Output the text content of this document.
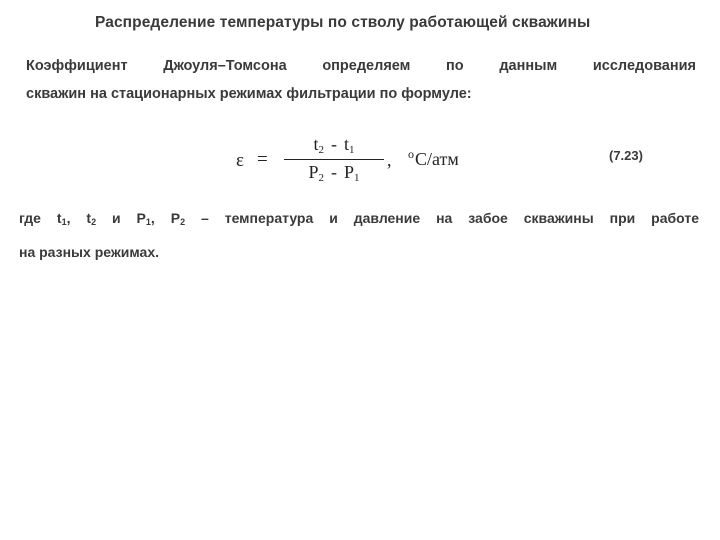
Распределение температуры по стволу работающей скважины
Коэффициент Джоуля–Томсона определяем по данным исследования
скважин на стационарных режимах фильтрации по формуле:
ε =
$t_2 - t_1$
$P_2 - P_1$
, $^o$С/атм	(7.23)
где $t_1$, $t_2$ и $P_1$, $P_2$ – температура и давление на забое скважины при работе
на разных режимах.
